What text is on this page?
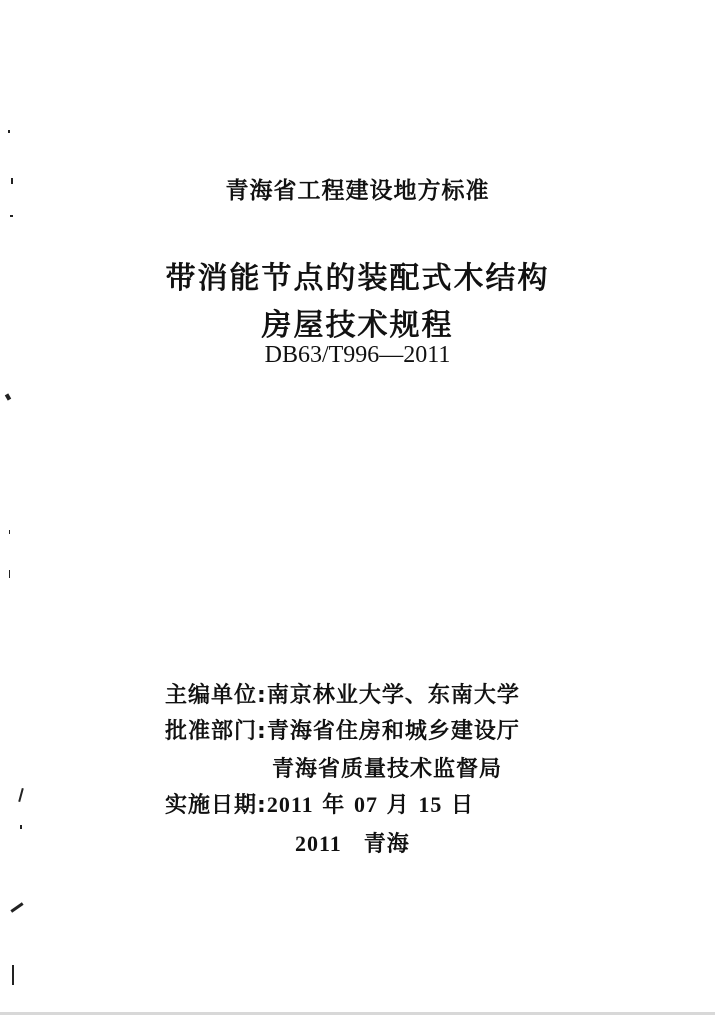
青海省工程建设地方标准
带消能节点的装配式木结构
房屋技术规程
DB63/T996—2011
主编单位:南京林业大学、东南大学
批准部门:青海省住房和城乡建设厅
青海省质量技术监督局
实施日期:2011 年 07 月 15 日
2011 青海
